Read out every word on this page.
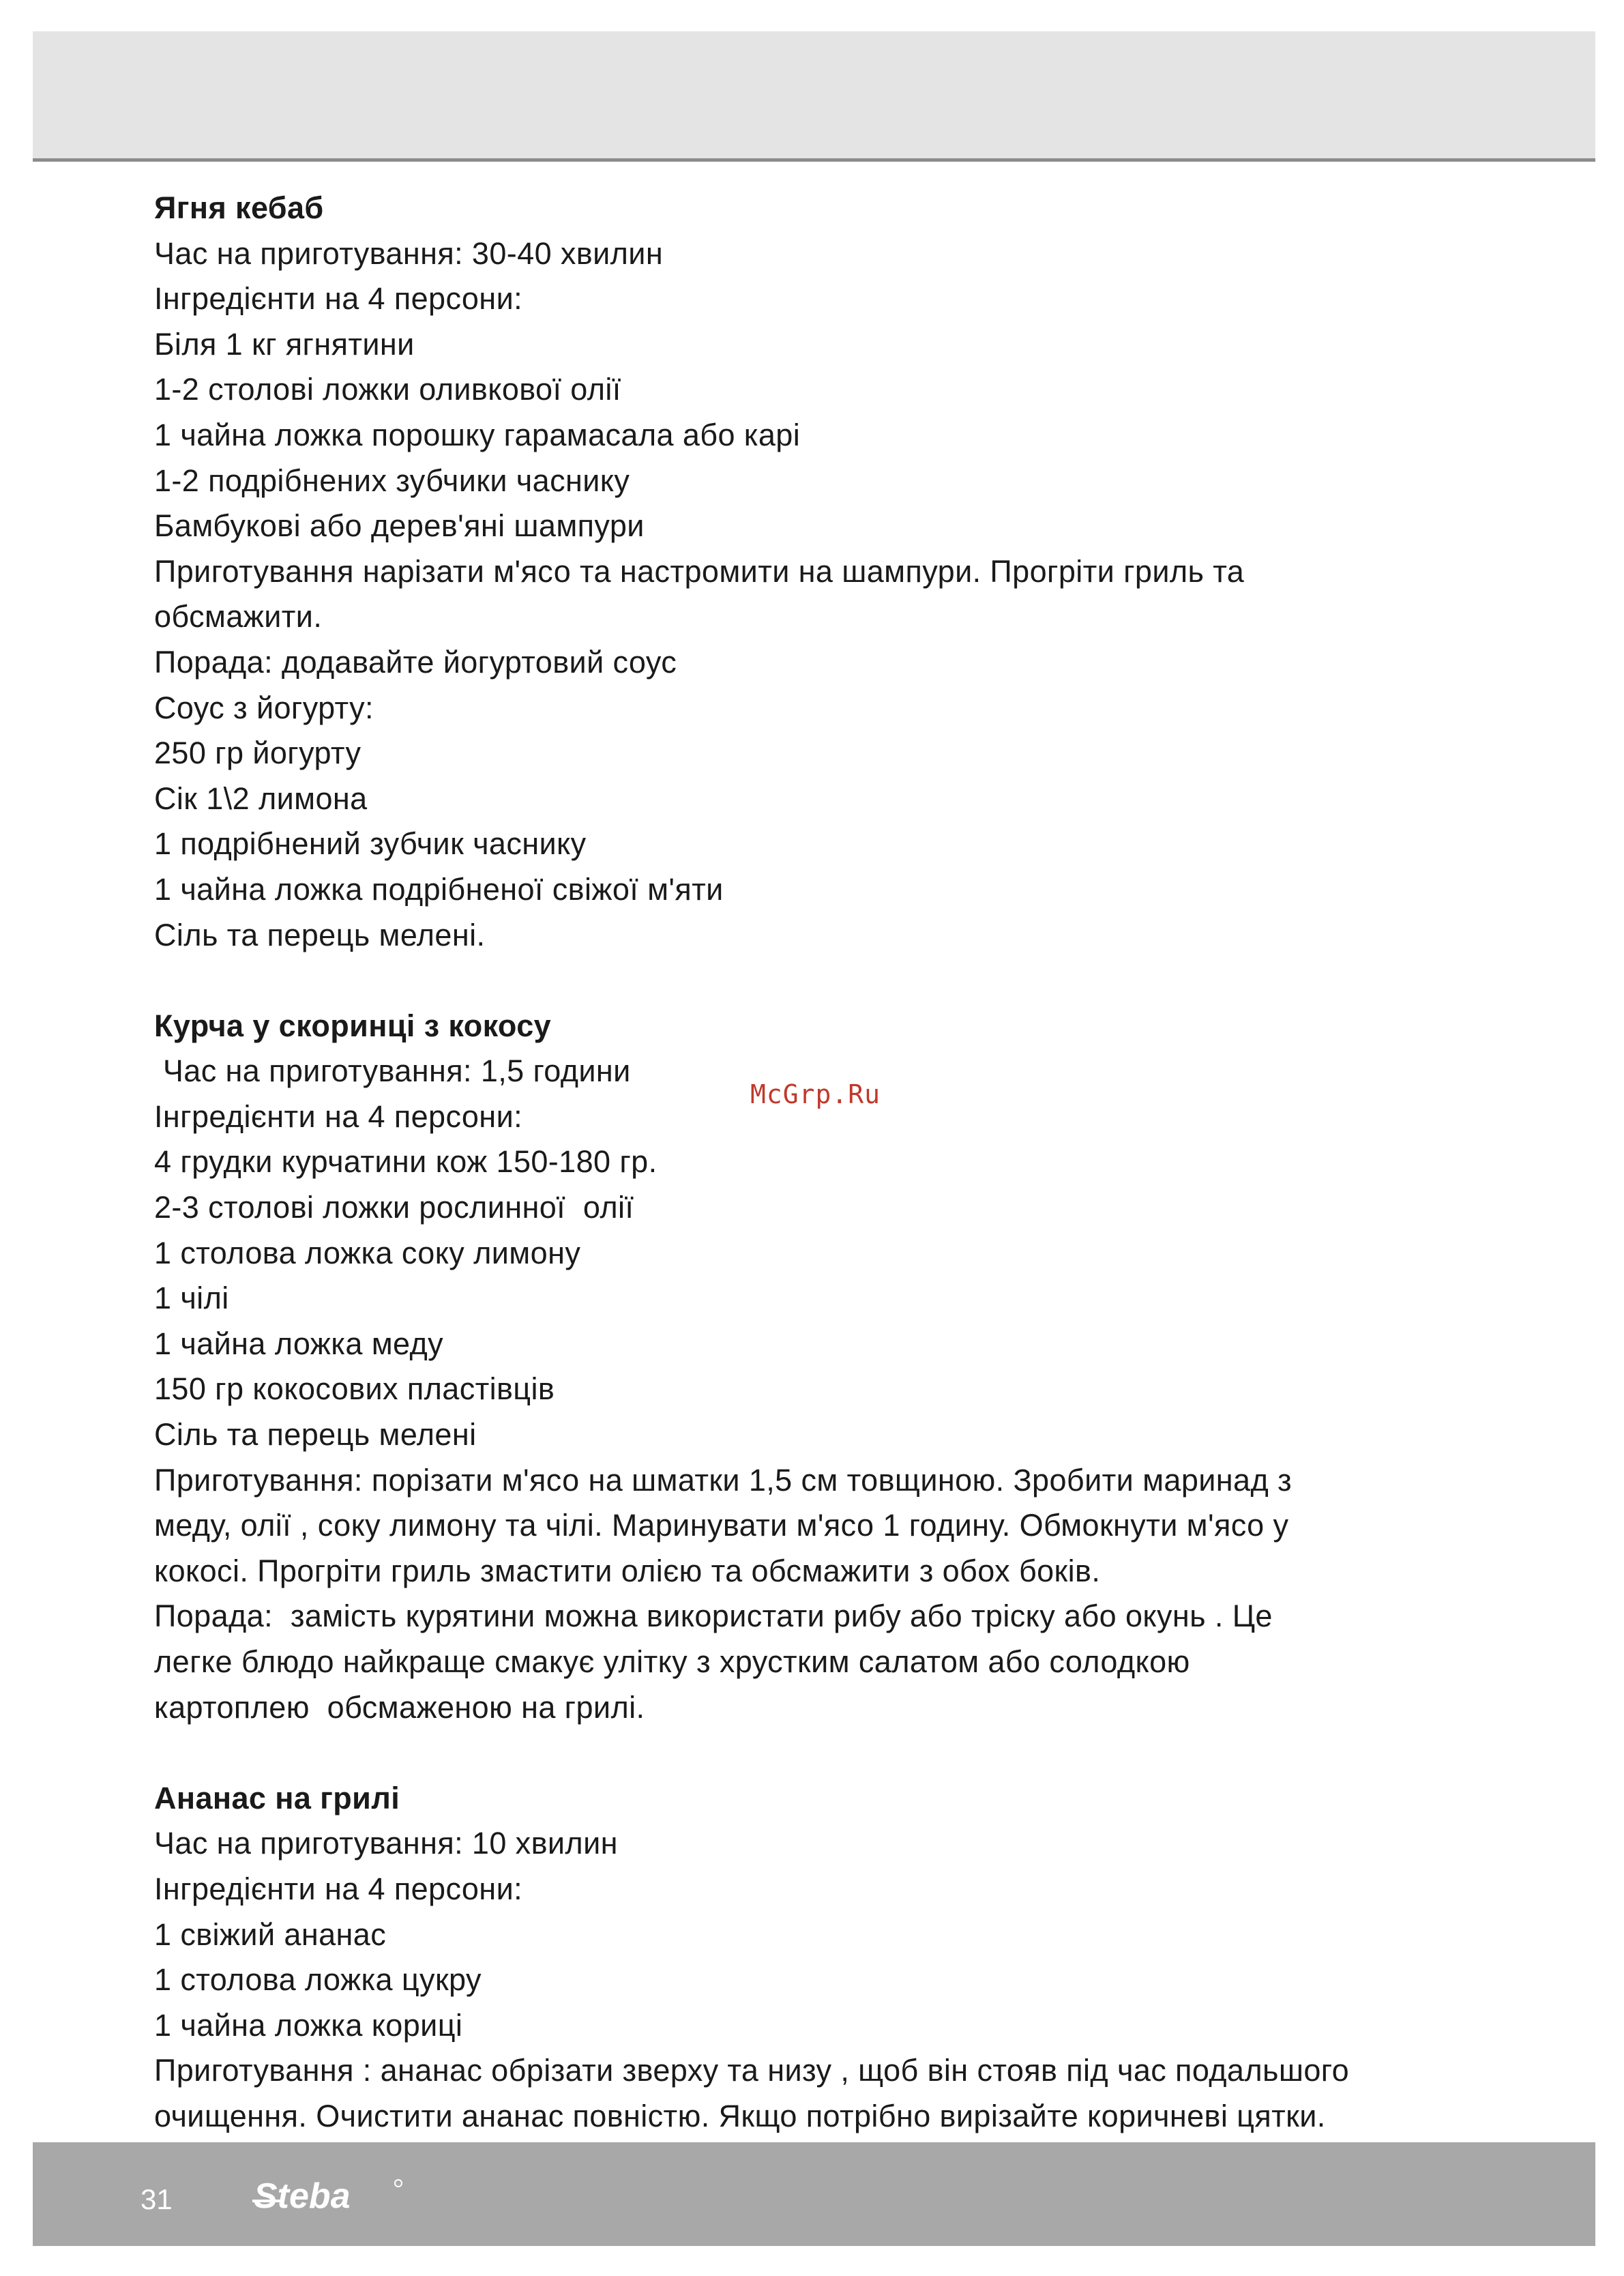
Ягня кебаб
Час на приготування: 30-40 хвилин
Інгредієнти на 4 персони:
Біля 1 кг ягнятини
1-2 столові ложки оливкової олії
1 чайна ложка порошку гарамасала або карі
1-2 подрібнених зубчики часнику
Бамбукові або дерев'яні шампури
Приготування нарізати м'ясо та настромити на шампури. Прогріти гриль та
обсмажити.
Порада: додавайте йогуртовий соус
Соус з йогурту:
250 гр йогурту
Сік 1\2 лимона
1 подрібнений зубчик часнику
1 чайна ложка подрібненої свіжої м'яти
Сіль та перець мелені.
Курча у скоринці з кокосу
Час на приготування: 1,5 години
Інгредієнти на 4 персони:
4 грудки курчатини кож 150-180 гр.
2-3 столові ложки рослинної  олії
1 столова ложка соку лимону
1 чілі
1 чайна ложка меду
150 гр кокосових пластівців
Сіль та перець мелені
Приготування: порізати м'ясо на шматки 1,5 см товщиною. Зробити маринад з
меду, олії , соку лимону та чілі. Маринувати м'ясо 1 годину. Обмокнути м'ясо у
кокосі. Прогріти гриль змастити олією та обсмажити з обох боків.
Порада:  замість курятини можна використати рибу або тріску або окунь . Це
легке блюдо найкраще смакує улітку з хрустким салатом або солодкою
картоплею  обсмаженою на грилі.
Ананас на грилі
Час на приготування: 10 хвилин
Інгредієнти на 4 персони:
1 свіжий ананас
1 столова ложка цукру
1 чайна ложка кориці
Приготування : ананас обрізати зверху та низу , щоб він стояв під час подальшого
очищення. Очистити ананас повністю. Якщо потрібно вирізайте коричневі цятки.
McGrp.Ru
31 Steba
